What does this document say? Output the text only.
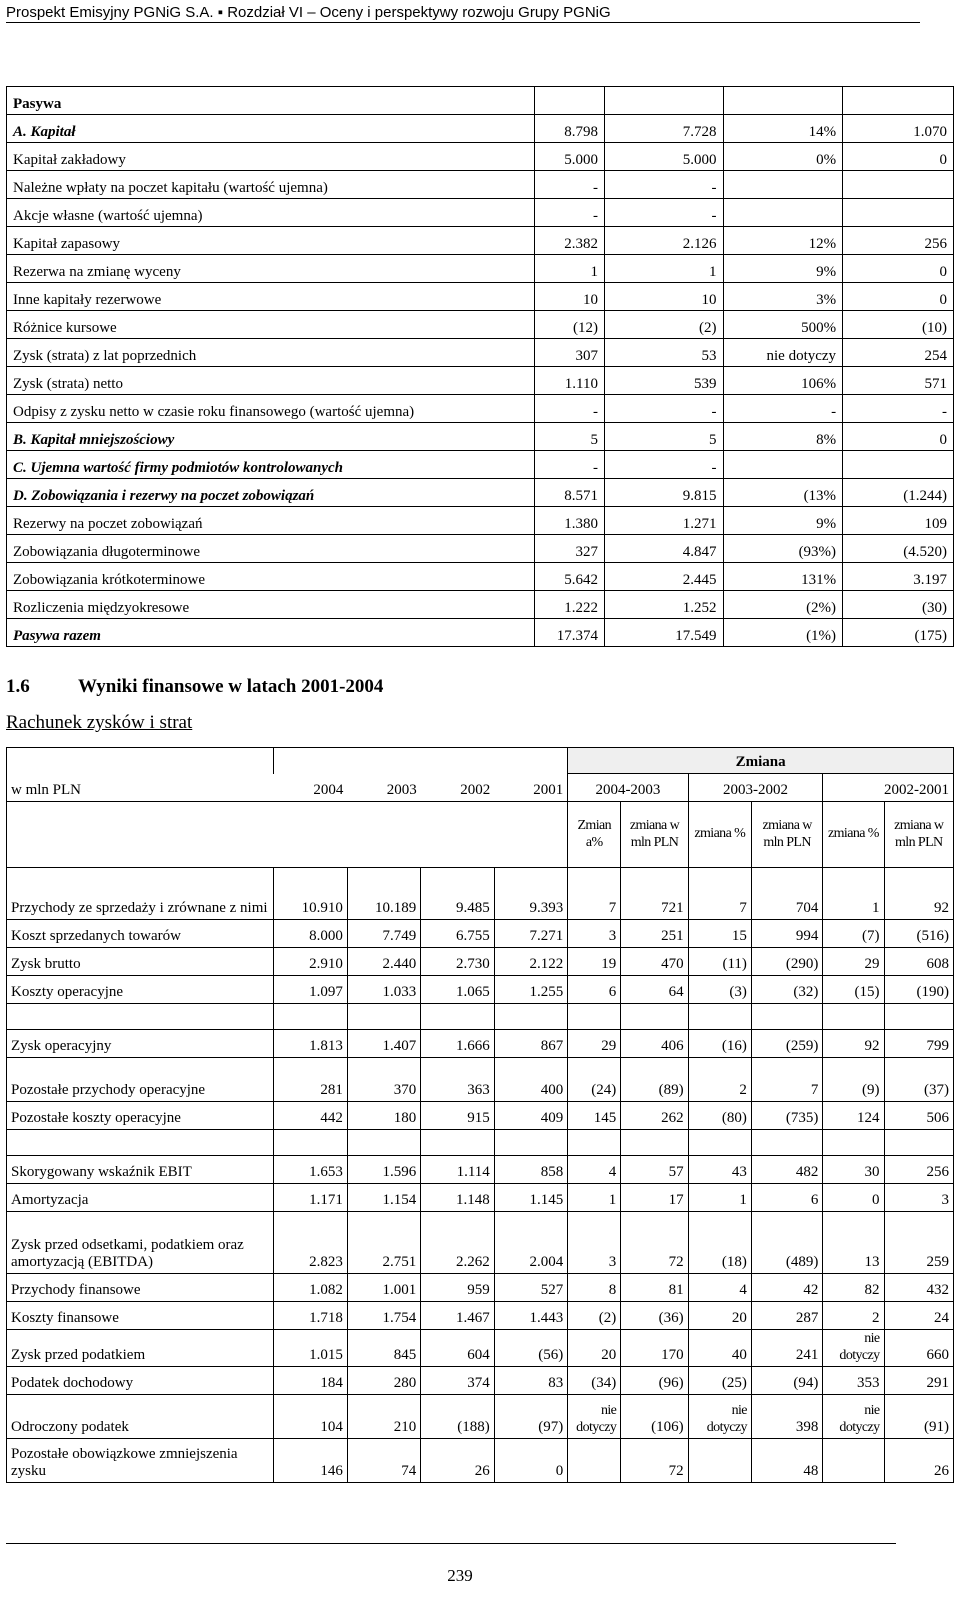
Prospekt Emisyjny PGNiG S.A. ▪ Rozdział VI – Oceny i perspektywy rozwoju Grupy PGNiG
Pasywa				
A. Kapitał	8.798	7.728	14%	1.070
Kapitał zakładowy	5.000	5.000	0%	0
Należne wpłaty na poczet kapitału (wartość ujemna)	-	-		
Akcje własne (wartość ujemna)	-	-		
Kapitał zapasowy	2.382	2.126	12%	256
Rezerwa na zmianę wyceny	1	1	9%	0
Inne kapitały rezerwowe	10	10	3%	0
Różnice kursowe	(12)	(2)	500%	(10)
Zysk (strata) z lat poprzednich	307	53	nie dotyczy	254
Zysk (strata) netto	1.110	539	106%	571
Odpisy z zysku netto w czasie roku finansowego (wartość ujemna)	-	-	-	-
B. Kapitał mniejszościowy	5	5	8%	0
C. Ujemna wartość firmy podmiotów kontrolowanych	-	-		
D. Zobowiązania i rezerwy na poczet zobowiązań	8.571	9.815	(13%	(1.244)
Rezerwy na poczet zobowiązań	1.380	1.271	9%	109
Zobowiązania długoterminowe	327	4.847	(93%)	(4.520)
Zobowiązania krótkoterminowe	5.642	2.445	131%	3.197
Rozliczenia międzyokresowe	1.222	1.252	(2%)	(30)
Pasywa razem	17.374	17.549	(1%)	(175)
1.6	Wyniki finansowe w latach 2001-2004
Rachunek zysków i strat
					Zmiana					
w mln PLN	2004	2003	2002	2001	2004-2003		2003-2002		2002-2001	
					Zmian a%	zmiana w mln PLN	zmiana %	zmiana w mln PLN	zmiana %	zmiana w mln PLN
Przychody ze sprzedaży i zrównane z nimi	10.910	10.189	9.485	9.393	7	721	7	704	1	92
Koszt sprzedanych towarów	8.000	7.749	6.755	7.271	3	251	15	994	(7)	(516)
Zysk brutto	2.910	2.440	2.730	2.122	19	470	(11)	(290)	29	608
Koszty operacyjne	1.097	1.033	1.065	1.255	6	64	(3)	(32)	(15)	(190)

Zysk operacyjny	1.813	1.407	1.666	867	29	406	(16)	(259)	92	799
Pozostałe przychody operacyjne	281	370	363	400	(24)	(89)	2	7	(9)	(37)
Pozostałe koszty operacyjne	442	180	915	409	145	262	(80)	(735)	124	506

Skorygowany wskaźnik EBIT	1.653	1.596	1.114	858	4	57	43	482	30	256
Amortyzacja	1.171	1.154	1.148	1.145	1	17	1	6	0	3
Zysk przed odsetkami, podatkiem oraz amortyzacją (EBITDA)	2.823	2.751	2.262	2.004	3	72	(18)	(489)	13	259
Przychody finansowe	1.082	1.001	959	527	8	81	4	42	82	432
Koszty finansowe	1.718	1.754	1.467	1.443	(2)	(36)	20	287	2	24
Zysk przed podatkiem	1.015	845	604	(56)	20	170	40	241	nie dotyczy	660
Podatek dochodowy	184	280	374	83	(34)	(96)	(25)	(94)	353	291
Odroczony podatek	104	210	(188)	(97)	nie dotyczy	(106)	nie dotyczy	398	nie dotyczy	(91)
Pozostałe obowiązkowe zmniejszenia zysku	146	74	26	0		72		48		26
239
